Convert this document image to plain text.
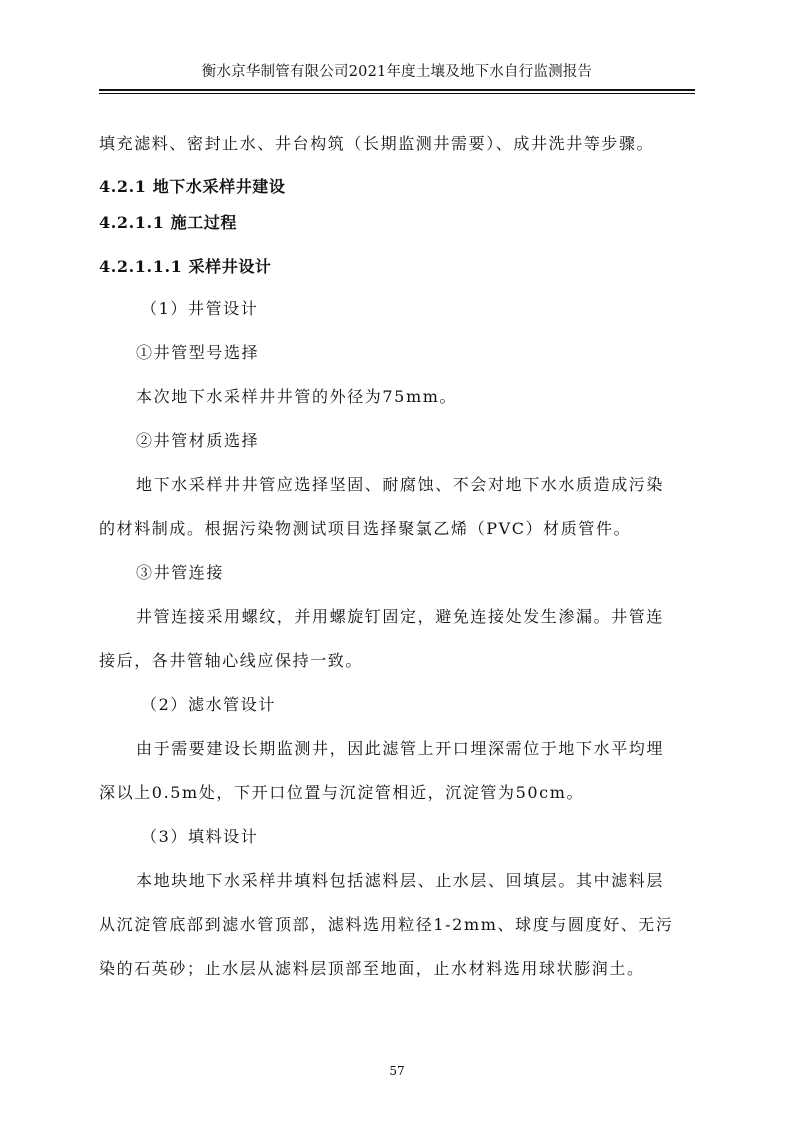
衡水京华制管有限公司2021年度土壤及地下水自行监测报告
填充滤料、密封止水、井台构筑（长期监测井需要）、成井洗井等步骤。
4.2.1 地下水采样井建设
4.2.1.1 施工过程
4.2.1.1.1 采样井设计
（1）井管设计
①井管型号选择
本次地下水采样井井管的外径为75mm。
②井管材质选择
地下水采样井井管应选择坚固、耐腐蚀、不会对地下水水质造成污染
的材料制成。根据污染物测试项目选择聚氯乙烯（PVC）材质管件。
③井管连接
井管连接采用螺纹，并用螺旋钉固定，避免连接处发生渗漏。井管连
接后，各井管轴心线应保持一致。
（2）滤水管设计
由于需要建设长期监测井，因此滤管上开口埋深需位于地下水平均埋
深以上0.5m处，下开口位置与沉淀管相近，沉淀管为50cm。
（3）填料设计
本地块地下水采样井填料包括滤料层、止水层、回填层。其中滤料层
从沉淀管底部到滤水管顶部，滤料选用粒径1-2mm、球度与圆度好、无污
染的石英砂；止水层从滤料层顶部至地面，止水材料选用球状膨润土。
57
